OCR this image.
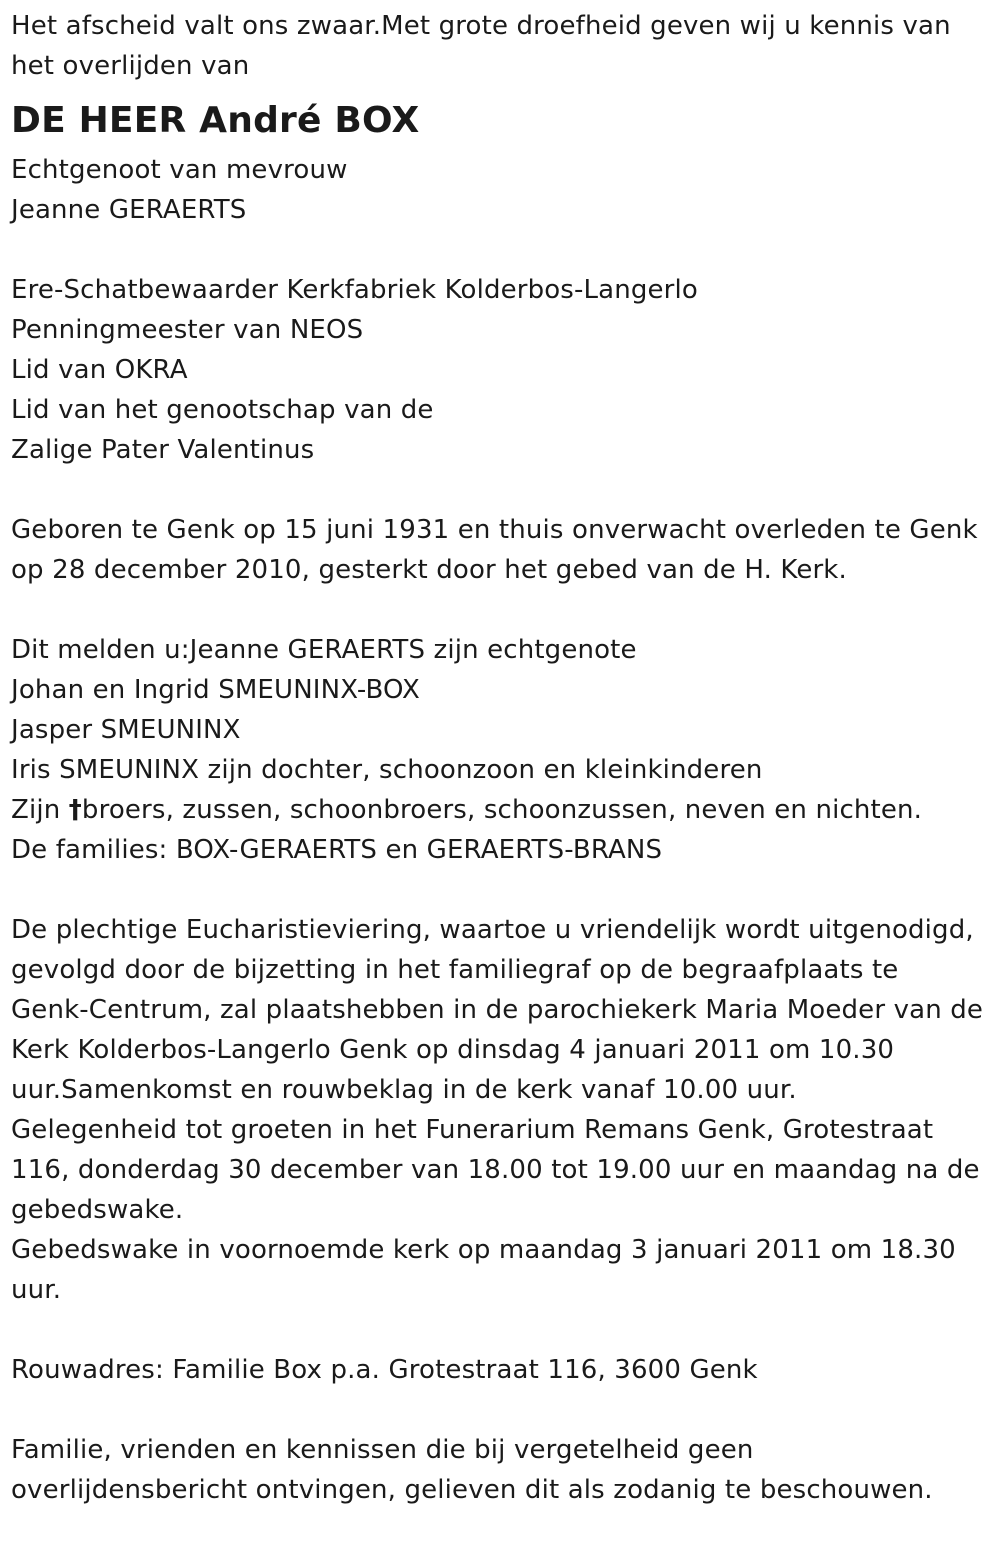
Het afscheid valt ons zwaar.Met grote droefheid geven wij u kennis van
het overlijden van
DE HEER André BOX
Echtgenoot van mevrouw
Jeanne GERAERTS
Ere-Schatbewaarder Kerkfabriek Kolderbos-Langerlo
Penningmeester van NEOS
Lid van OKRA
Lid van het genootschap van de
Zalige Pater Valentinus
Geboren te Genk op 15 juni 1931 en thuis onverwacht overleden te Genk
op 28 december 2010, gesterkt door het gebed van de H. Kerk.
Dit melden u:Jeanne GERAERTS zijn echtgenote
Johan en Ingrid SMEUNINX-BOX
Jasper SMEUNINX
Iris SMEUNINX zijn dochter, schoonzoon en kleinkinderen
Zijn †broers, zussen, schoonbroers, schoonzussen, neven en nichten.
De families: BOX-GERAERTS en GERAERTS-BRANS
De plechtige Eucharistieviering, waartoe u vriendelijk wordt uitgenodigd,
gevolgd door de bijzetting in het familiegraf op de begraafplaats te
Genk-Centrum, zal plaatshebben in de parochiekerk Maria Moeder van de
Kerk Kolderbos-Langerlo Genk op dinsdag 4 januari 2011 om 10.30
uur.Samenkomst en rouwbeklag in de kerk vanaf 10.00 uur.
Gelegenheid tot groeten in het Funerarium Remans Genk, Grotestraat
116, donderdag 30 december van 18.00 tot 19.00 uur en maandag na de
gebedswake.
Gebedswake in voornoemde kerk op maandag 3 januari 2011 om 18.30
uur.
Rouwadres: Familie Box p.a. Grotestraat 116, 3600 Genk
Familie, vrienden en kennissen die bij vergetelheid geen
overlijdensbericht ontvingen, gelieven dit als zodanig te beschouwen.
